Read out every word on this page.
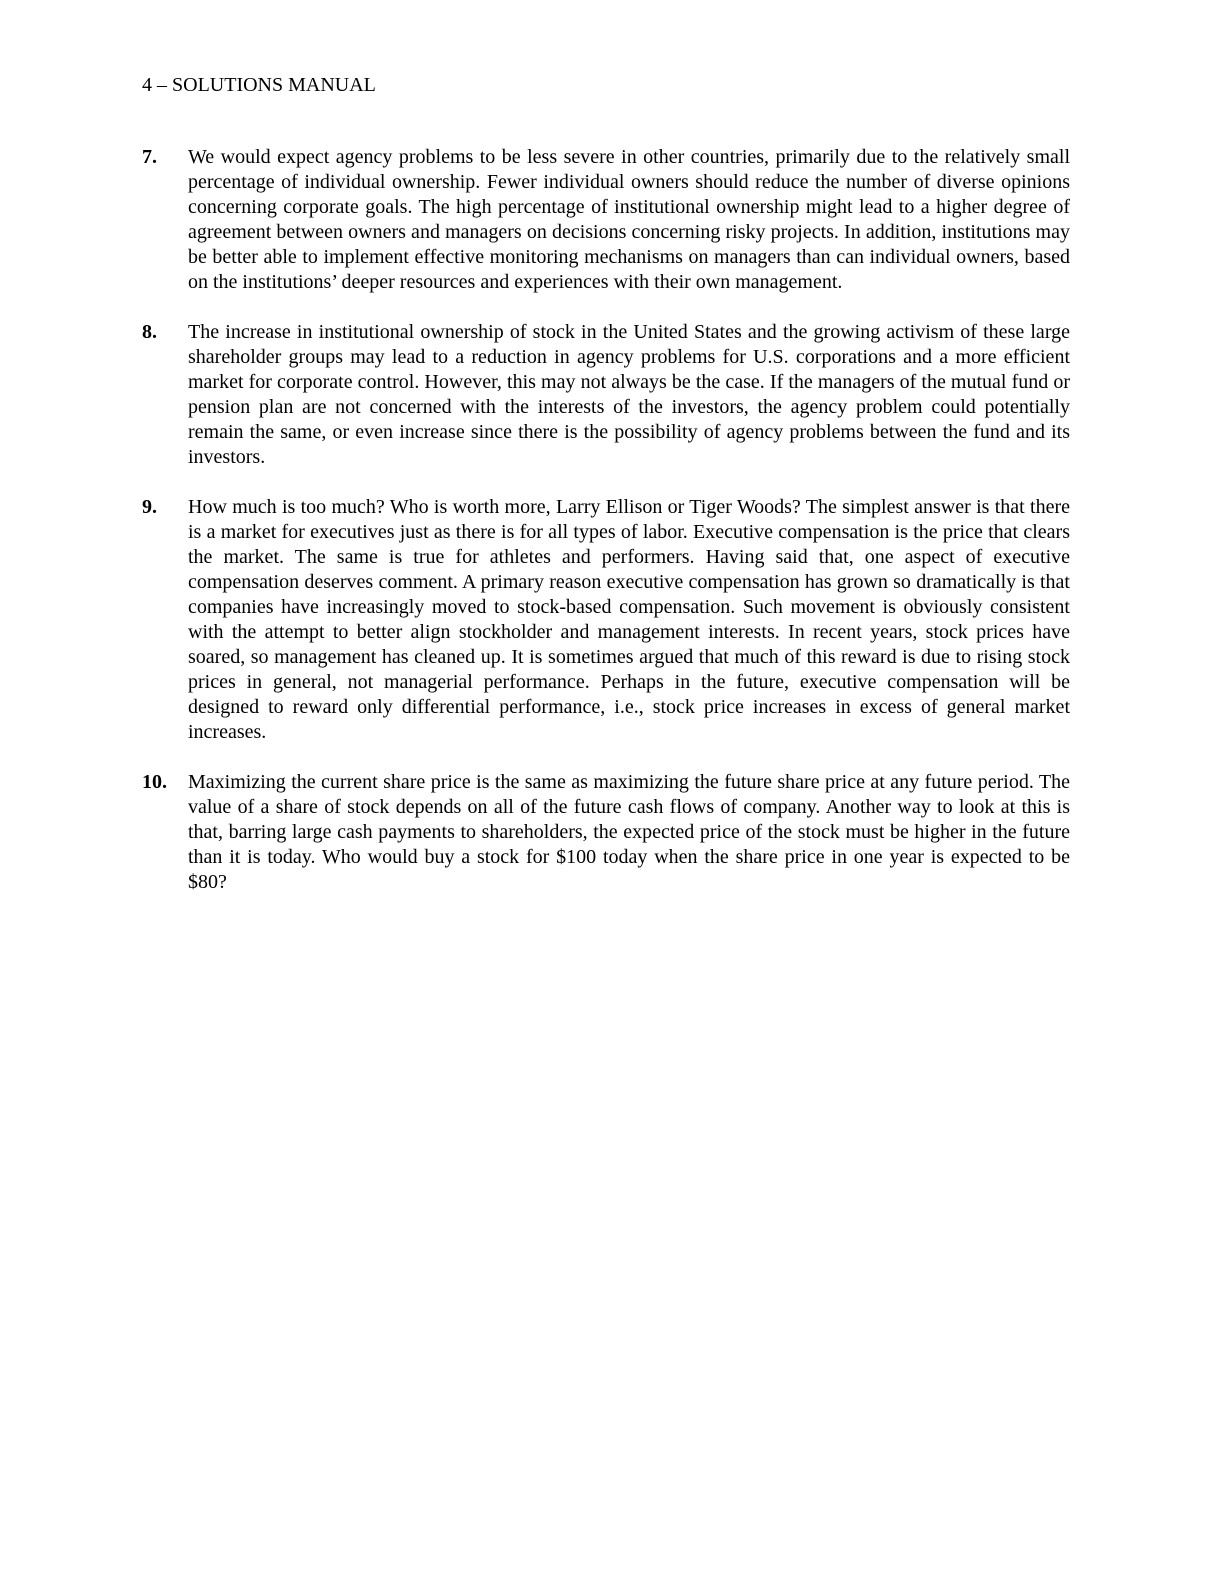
4 – SOLUTIONS MANUAL
7.	We would expect agency problems to be less severe in other countries, primarily due to the relatively small percentage of individual ownership. Fewer individual owners should reduce the number of diverse opinions concerning corporate goals. The high percentage of institutional ownership might lead to a higher degree of agreement between owners and managers on decisions concerning risky projects. In addition, institutions may be better able to implement effective monitoring mechanisms on managers than can individual owners, based on the institutions’ deeper resources and experiences with their own management.
8.	The increase in institutional ownership of stock in the United States and the growing activism of these large shareholder groups may lead to a reduction in agency problems for U.S. corporations and a more efficient market for corporate control. However, this may not always be the case. If the managers of the mutual fund or pension plan are not concerned with the interests of the investors, the agency problem could potentially remain the same, or even increase since there is the possibility of agency problems between the fund and its investors.
9.	How much is too much? Who is worth more, Larry Ellison or Tiger Woods? The simplest answer is that there is a market for executives just as there is for all types of labor. Executive compensation is the price that clears the market. The same is true for athletes and performers. Having said that, one aspect of executive compensation deserves comment. A primary reason executive compensation has grown so dramatically is that companies have increasingly moved to stock-based compensation. Such movement is obviously consistent with the attempt to better align stockholder and management interests. In recent years, stock prices have soared, so management has cleaned up. It is sometimes argued that much of this reward is due to rising stock prices in general, not managerial performance. Perhaps in the future, executive compensation will be designed to reward only differential performance, i.e., stock price increases in excess of general market increases.
10.	Maximizing the current share price is the same as maximizing the future share price at any future period. The value of a share of stock depends on all of the future cash flows of company. Another way to look at this is that, barring large cash payments to shareholders, the expected price of the stock must be higher in the future than it is today. Who would buy a stock for $100 today when the share price in one year is expected to be $80?
